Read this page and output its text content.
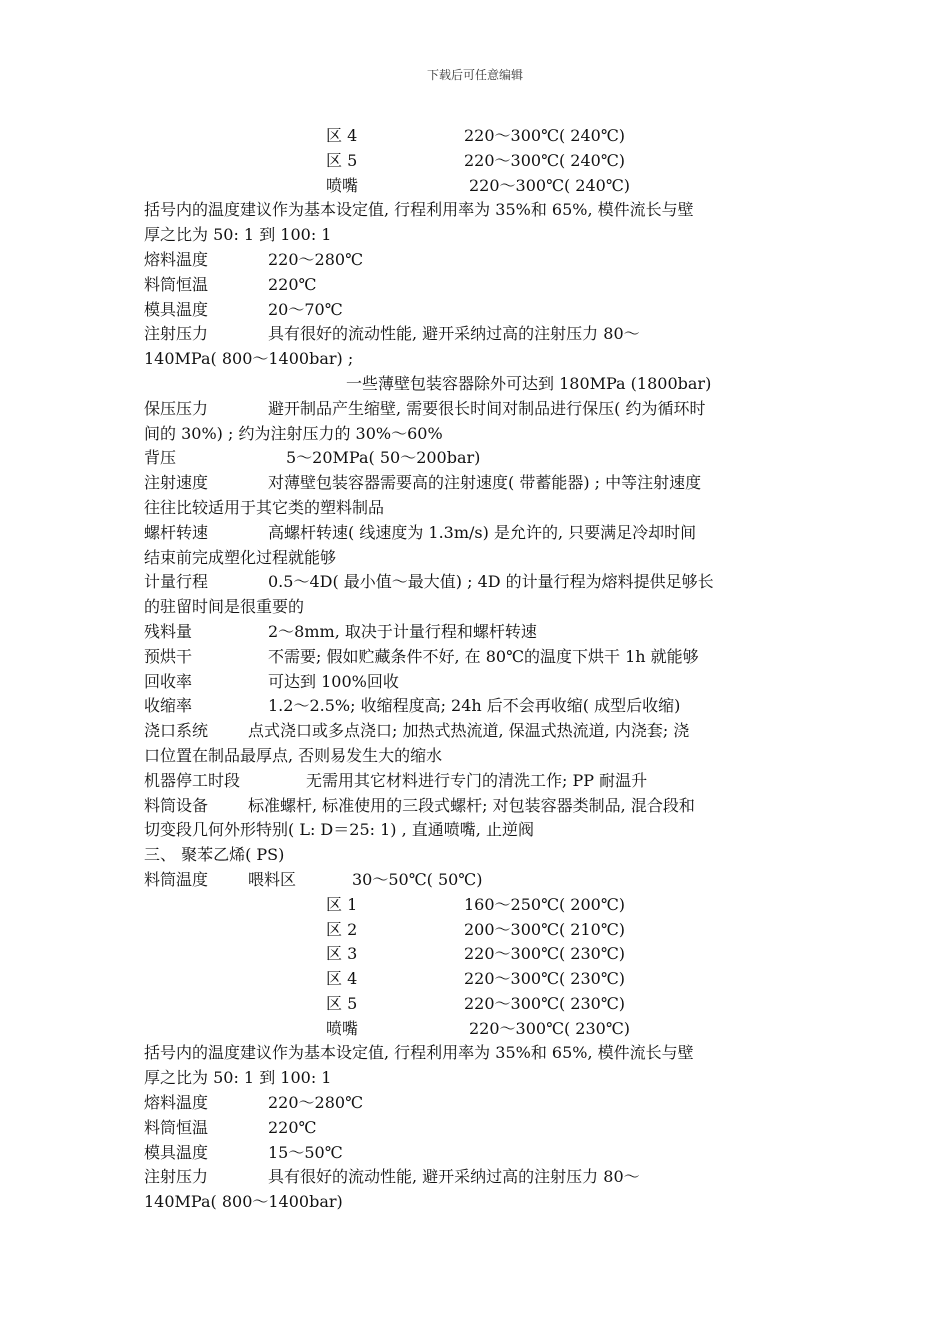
下载后可任意编辑
区 4	220～300℃( 240℃)
区 5	220～300℃( 240℃)
喷嘴	220～300℃( 240℃)
括号内的温度建议作为基本设定值, 行程利用率为 35%和 65%, 模件流长与壁
厚之比为 50: 1 到 100: 1
熔料温度	220～280℃
料筒恒温	220℃
模具温度	20～70℃
注射压力	具有很好的流动性能, 避开采纳过高的注射压力 80～
140MPa( 800～1400bar) ;
一些薄壁包装容器除外可达到 180MPa (1800bar)
保压压力	避开制品产生缩壁, 需要很长时间对制品进行保压( 约为循环时
间的 30%) ; 约为注射压力的 30%～60%
背压	5～20MPa( 50～200bar)
注射速度	对薄壁包装容器需要高的注射速度( 带蓄能器) ; 中等注射速度
往往比较适用于其它类的塑料制品
螺杆转速	高螺杆转速( 线速度为 1.3m/s) 是允许的, 只要满足冷却时间
结束前完成塑化过程就能够
计量行程	0.5～4D( 最小值～最大值) ; 4D 的计量行程为熔料提供足够长
的驻留时间是很重要的
残料量	2～8mm, 取决于计量行程和螺杆转速
预烘干	不需要; 假如贮藏条件不好, 在 80℃的温度下烘干 1h 就能够
回收率	可达到 100%回收
收缩率	1.2～2.5%; 收缩程度高; 24h 后不会再收缩( 成型后收缩)
浇口系统 点式浇口或多点浇口; 加热式热流道, 保温式热流道, 内浇套; 浇
口位置在制品最厚点, 否则易发生大的缩水
机器停工时段	无需用其它材料进行专门的清洗工作; PP 耐温升
料筒设备 标准螺杆, 标准使用的三段式螺杆; 对包装容器类制品, 混合段和
切变段几何外形特别( L: D＝25: 1) , 直通喷嘴, 止逆阀
三、 聚苯乙烯( PS)
料筒温度 喂料区	30～50℃( 50℃)
区 1	160～250℃( 200℃)
区 2	200～300℃( 210℃)
区 3	220～300℃( 230℃)
区 4	220～300℃( 230℃)
区 5	220～300℃( 230℃)
喷嘴	220～300℃( 230℃)
括号内的温度建议作为基本设定值, 行程利用率为 35%和 65%, 模件流长与壁
厚之比为 50: 1 到 100: 1
熔料温度	220～280℃
料筒恒温	220℃
模具温度	15～50℃
注射压力	具有很好的流动性能, 避开采纳过高的注射压力 80～
140MPa( 800～1400bar)
